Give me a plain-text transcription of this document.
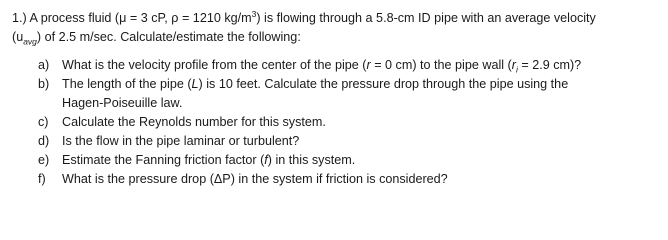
1.) A process fluid (μ = 3 cP, ρ = 1210 $kg/m^3$) is flowing through a 5.8-cm ID pipe with an average velocity
$(u_{avg})$ of 2.5 m/sec. Calculate/estimate the following:

a)	What is the velocity profile from the center of the pipe (r = 0 cm) to the pipe wall ($r_i = 2.9$ cm)?
b)	The length of the pipe (L) is 10 feet. Calculate the pressure drop through the pipe using the
Hagen-Poiseuille law.
c)	Calculate the Reynolds number for this system.
d)	Is the flow in the pipe laminar or turbulent?
e)	Estimate the Fanning friction factor (f) in this system.
f)	What is the pressure drop (ΔP) in the system if friction is considered?
